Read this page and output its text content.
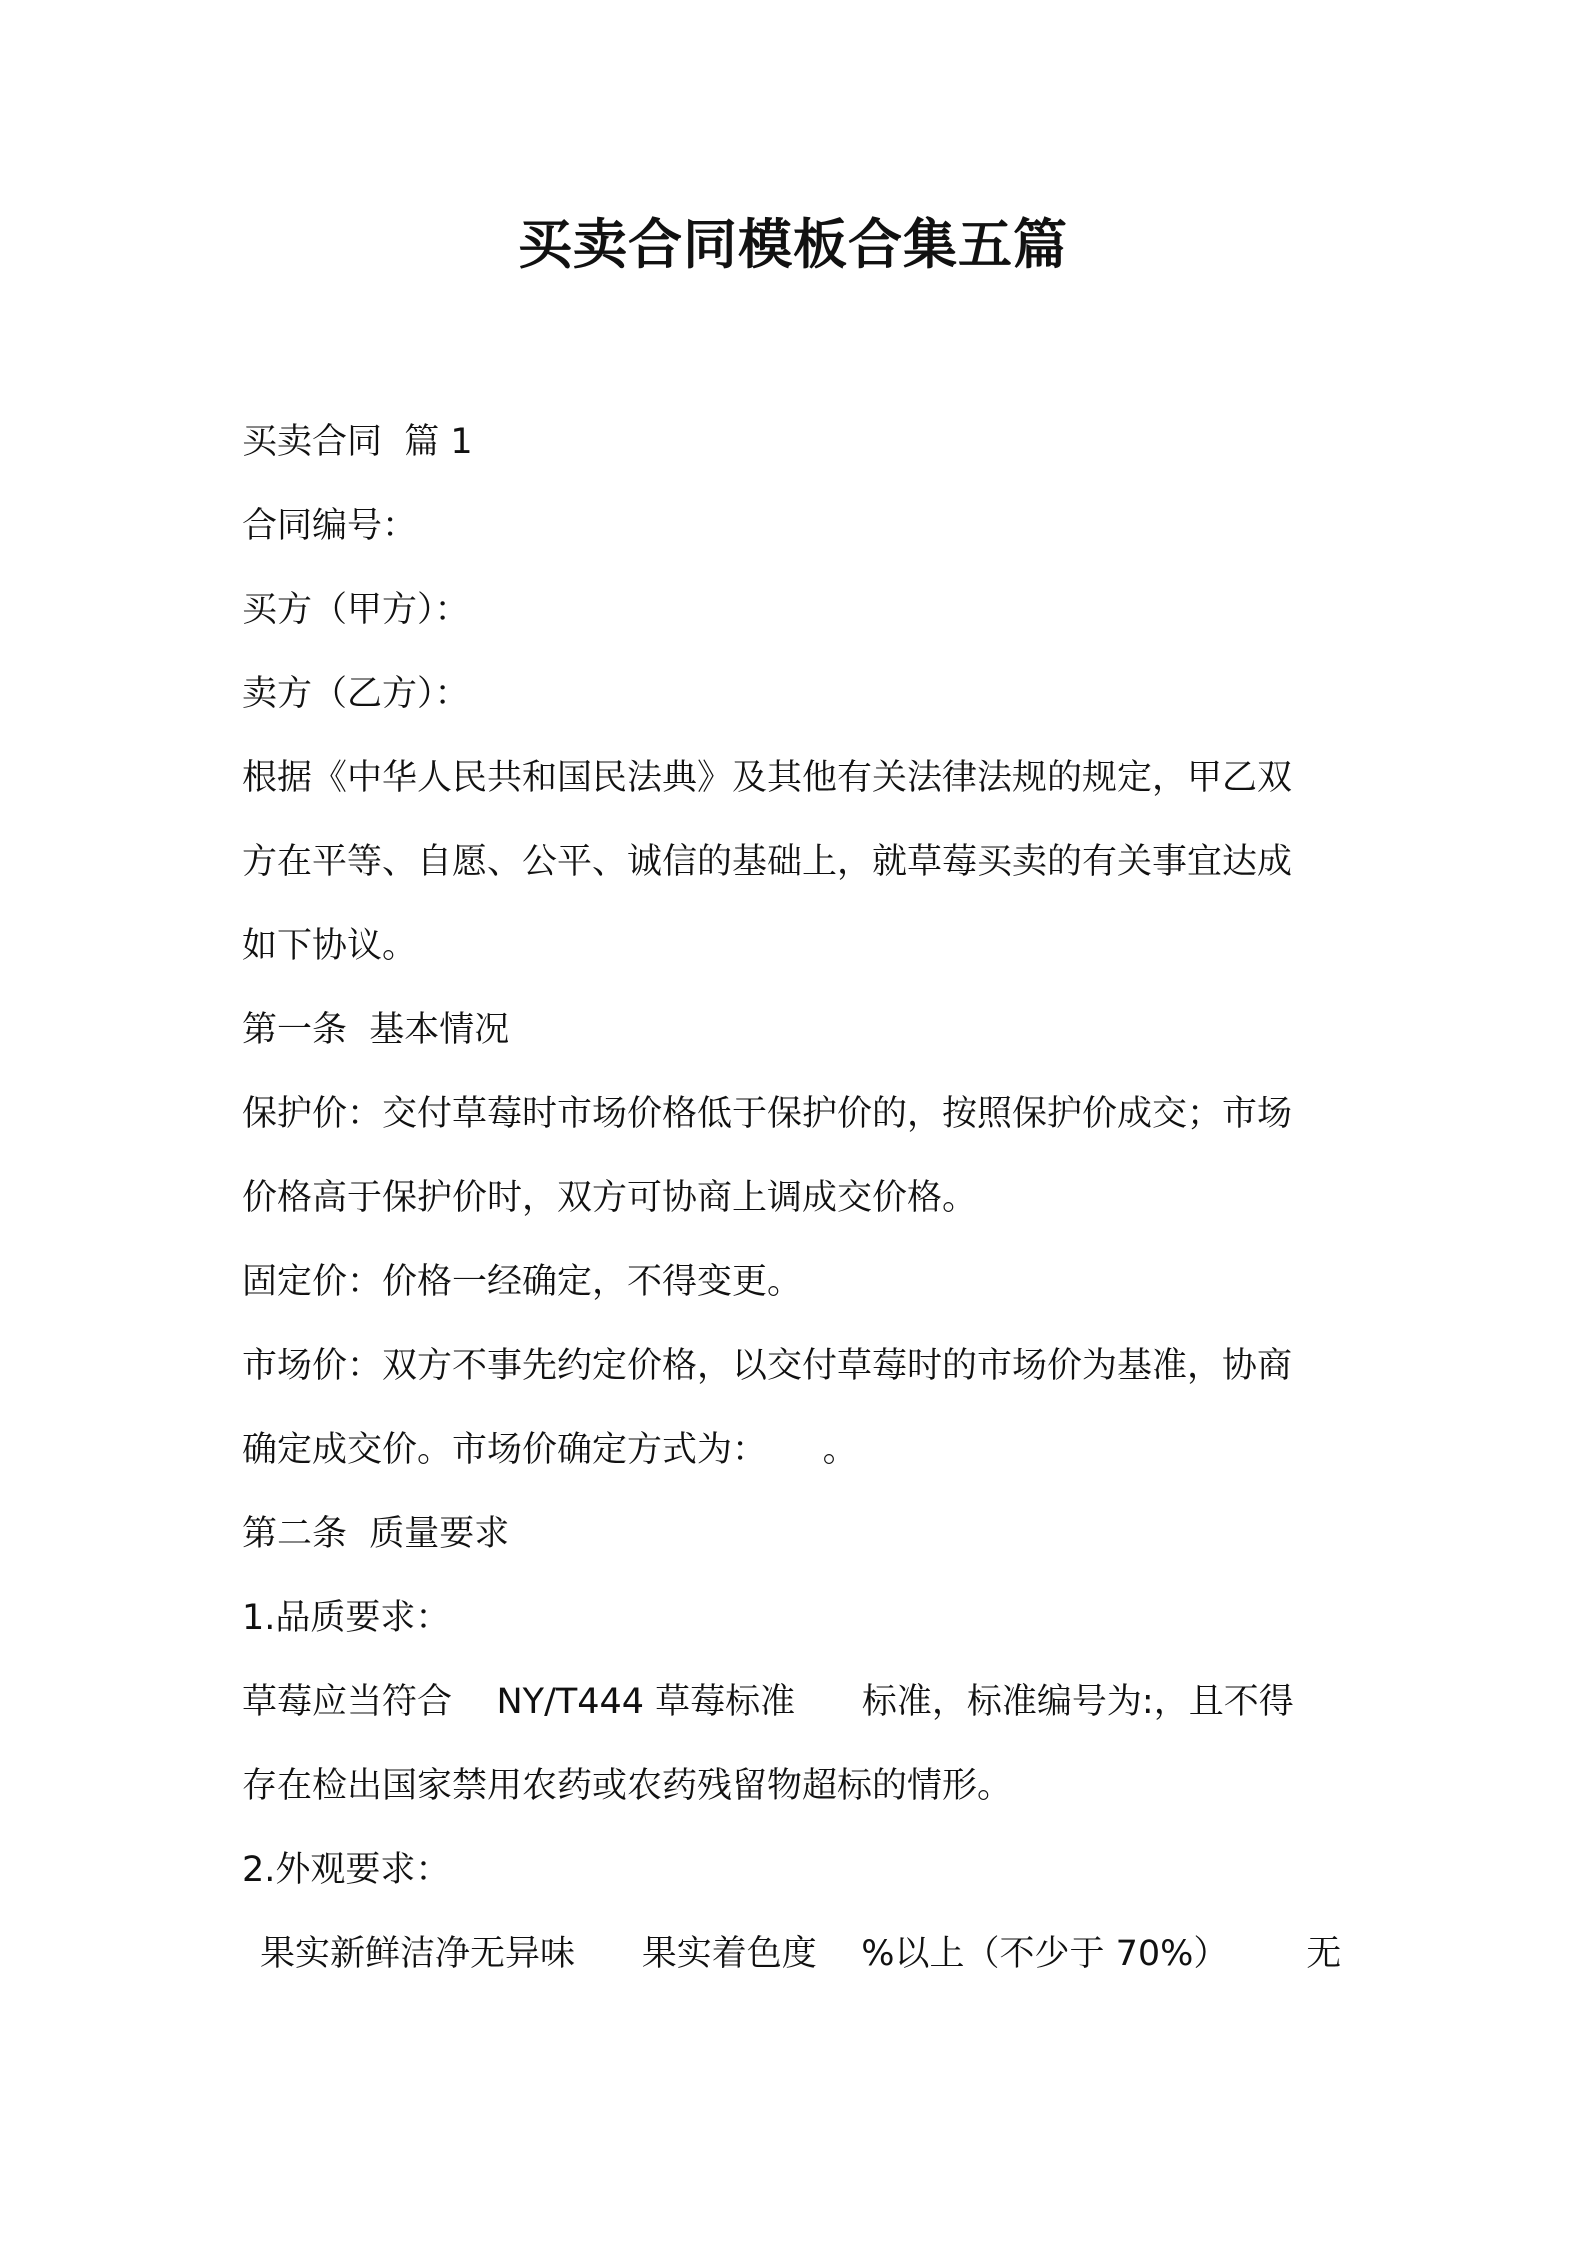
买卖合同模板合集五篇

买卖合同  篇 1

合同编号：

买方（甲方）：

卖方（乙方）：

根据《中华人民共和国民法典》及其他有关法律法规的规定，甲乙双

方在平等、自愿、公平、诚信的基础上，就草莓买卖的有关事宜达成

如下协议。

第一条  基本情况

保护价：交付草莓时市场价格低于保护价的，按照保护价成交；市场

价格高于保护价时，双方可协商上调成交价格。

固定价：价格一经确定，不得变更。

市场价：双方不事先约定价格，以交付草莓时的市场价为基准，协商

确定成交价。市场价确定方式为：     。

第二条  质量要求

1.品质要求：

草莓应当符合    NY/T444 草莓标准      标准，标准编号为:，且不得

存在检出国家禁用农药或农药残留物超标的情形。

2.外观要求：

果实新鲜洁净无异味      果实着色度    %以上（不少于 70%）       无
